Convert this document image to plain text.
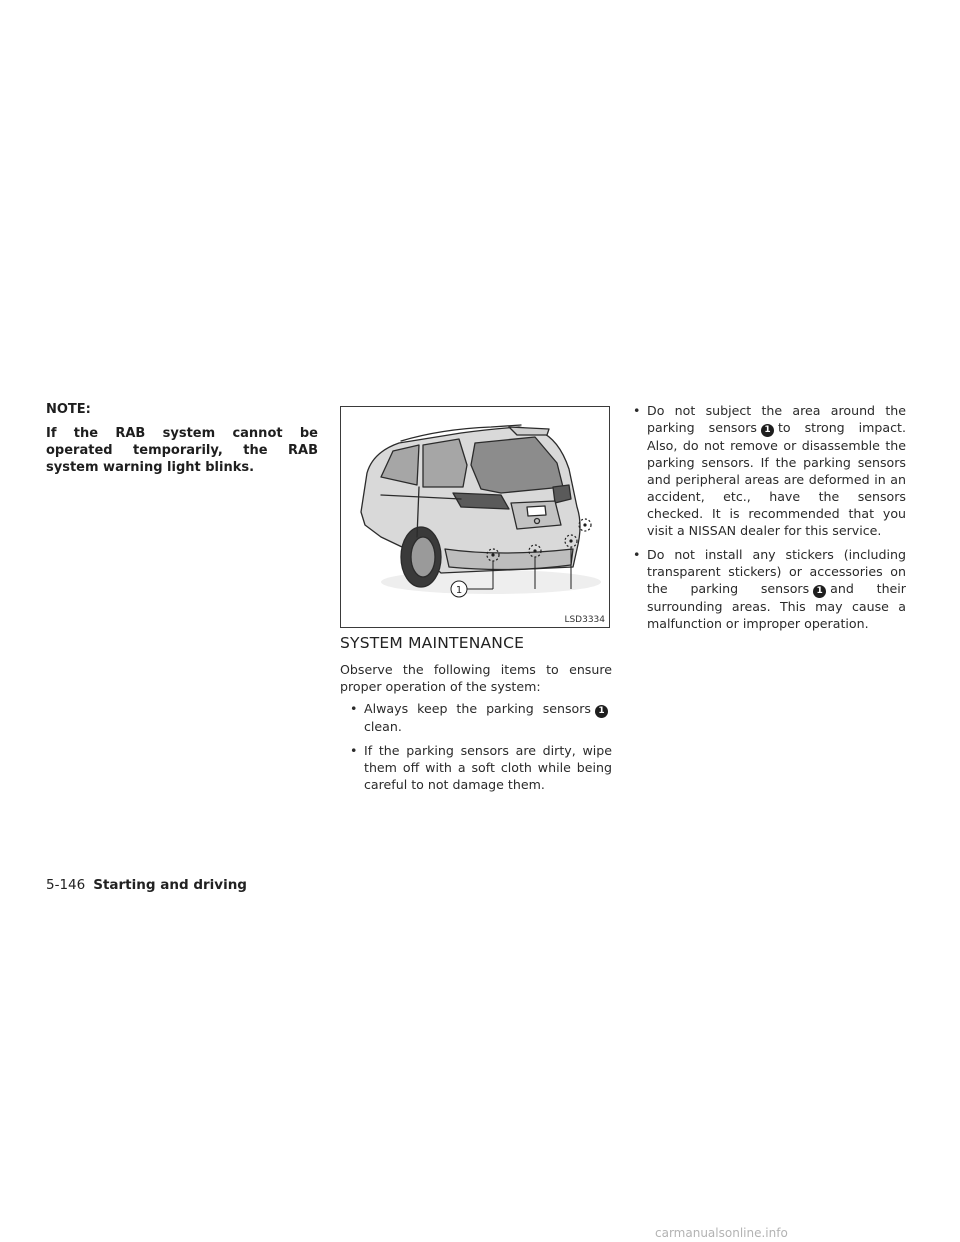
NOTE:
If the RAB system cannot be operated temporarily, the RAB system warning light blinks.
1
LSD3334
SYSTEM MAINTENANCE
Observe the following items to ensure proper operation of the system:
• Always keep the parking sensors 1clean.
• If the parking sensors are dirty, wipe them off with a soft cloth while being careful to not damage them.
• Do not subject the area around the parking sensors 1 to strong impact. Also, do not remove or disassemble the parking sensors. If the parking sensors and peripheral areas are deformed in an accident, etc., have the sensors checked. It is recommended that you visit a NISSAN dealer for this service.
• Do not install any stickers (including transparent stickers) or accessories on the parking sensors 1 and their surrounding areas. This may cause a malfunction or improper operation.
5-146 Starting and driving
carmanualsonline.info
